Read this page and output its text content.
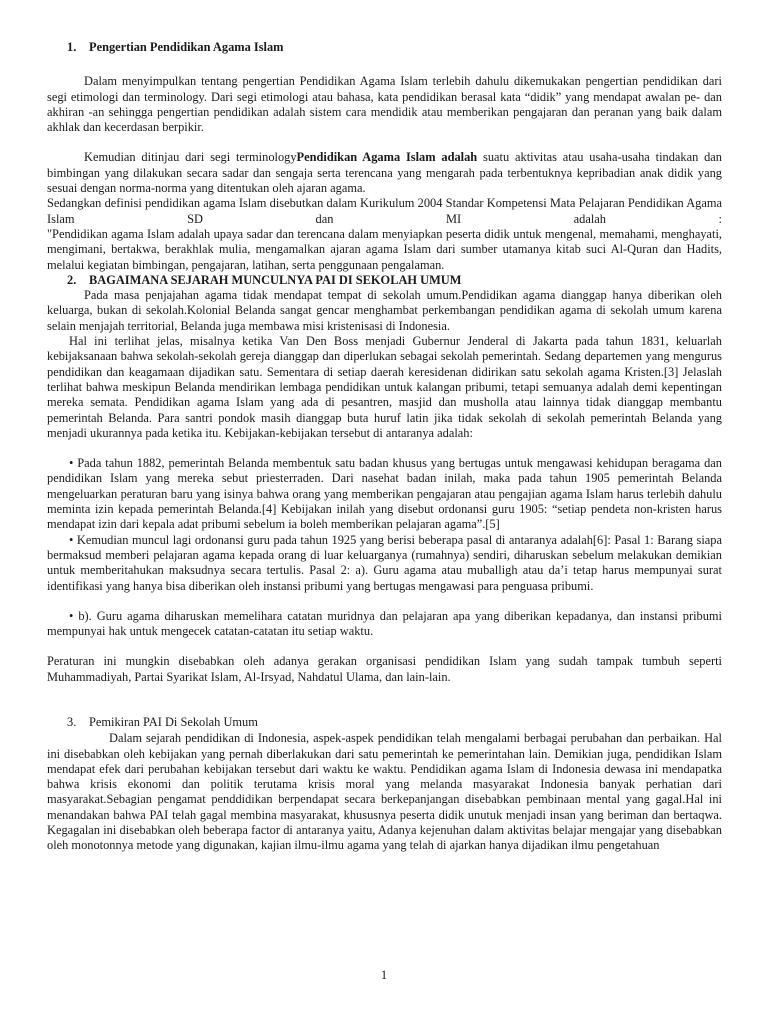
1. Pengertian Pendidikan Agama Islam

Dalam menyimpulkan tentang pengertian Pendidikan Agama Islam terlebih dahulu dikemukakan pengertian pendidikan dari segi etimologi dan terminology. Dari segi etimologi atau bahasa, kata pendidikan berasal kata “didik” yang mendapat awalan pe- dan akhiran -an sehingga pengertian pendidikan adalah sistem cara mendidik atau memberikan pengajaran dan peranan yang baik dalam akhlak dan kecerdasan berpikir.

Kemudian ditinjau dari segi terminologyPendidikan Agama Islam adalah suatu aktivitas atau usaha-usaha tindakan dan bimbingan yang dilakukan secara sadar dan sengaja serta terencana yang mengarah pada terbentuknya kepribadian anak didik yang sesuai dengan norma-norma yang ditentukan oleh ajaran agama.

Sedangkan definisi pendidikan agama Islam disebutkan dalam Kurikulum 2004 Standar Kompetensi Mata Pelajaran Pendidikan Agama Islam SD dan MI adalah :

"Pendidikan agama Islam adalah upaya sadar dan terencana dalam menyiapkan peserta didik untuk mengenal, memahami, menghayati, mengimani, bertakwa, berakhlak mulia, mengamalkan ajaran agama Islam dari sumber utamanya kitab suci Al-Quran dan Hadits, melalui kegiatan bimbingan, pengajaran, latihan, serta penggunaan pengalaman.

2. BAGAIMANA SEJARAH MUNCULNYA PAI DI SEKOLAH UMUM

Pada masa penjajahan agama tidak mendapat tempat di sekolah umum.Pendidikan agama dianggap hanya diberikan oleh keluarga, bukan di sekolah.Kolonial Belanda sangat gencar menghambat perkembangan pendidikan agama di sekolah umum karena selain menjajah territorial, Belanda juga membawa misi kristenisasi di Indonesia.

Hal ini terlihat jelas, misalnya ketika Van Den Boss menjadi Gubernur Jenderal di Jakarta pada tahun 1831, keluarlah kebijaksanaan bahwa sekolah-sekolah gereja dianggap dan diperlukan sebagai sekolah pemerintah. Sedang departemen yang mengurus pendidikan dan keagamaan dijadikan satu. Sementara di setiap daerah keresidenan didirikan satu sekolah agama Kristen.[3] Jelaslah terlihat bahwa meskipun Belanda mendirikan lembaga pendidikan untuk kalangan pribumi, tetapi semuanya adalah demi kepentingan mereka semata. Pendidikan agama Islam yang ada di pesantren, masjid dan musholla atau lainnya tidak dianggap membantu pemerintah Belanda. Para santri pondok masih dianggap buta huruf latin jika tidak sekolah di sekolah pemerintah Belanda yang menjadi ukurannya pada ketika itu. Kebijakan-kebijakan tersebut di antaranya adalah:

• Pada tahun 1882, pemerintah Belanda membentuk satu badan khusus yang bertugas untuk mengawasi kehidupan beragama dan pendidikan Islam yang mereka sebut priesterraden. Dari nasehat badan inilah, maka pada tahun 1905 pemerintah Belanda mengeluarkan peraturan baru yang isinya bahwa orang yang memberikan pengajaran atau pengajian agama Islam harus terlebih dahulu meminta izin kepada pemerintah Belanda.[4] Kebijakan inilah yang disebut ordonansi guru 1905: “setiap pendeta non-kristen harus mendapat izin dari kepala adat pribumi sebelum ia boleh memberikan pelajaran agama”.[5]

• Kemudian muncul lagi ordonansi guru pada tahun 1925 yang berisi beberapa pasal di antaranya adalah[6]: Pasal 1: Barang siapa bermaksud memberi pelajaran agama kepada orang di luar keluarganya (rumahnya) sendiri, diharuskan sebelum melakukan demikian untuk memberitahukan maksudnya secara tertulis. Pasal 2: a). Guru agama atau muballigh atau da’i tetap harus mempunyai surat identifikasi yang hanya bisa diberikan oleh instansi pribumi yang bertugas mengawasi para penguasa pribumi.

• b). Guru agama diharuskan memelihara catatan muridnya dan pelajaran apa yang diberikan kepadanya, dan instansi pribumi mempunyai hak untuk mengecek catatan-catatan itu setiap waktu.

Peraturan ini mungkin disebabkan oleh adanya gerakan organisasi pendidikan Islam yang sudah tampak tumbuh seperti Muhammadiyah, Partai Syarikat Islam, Al-Irsyad, Nahdatul Ulama, dan lain-lain.

3. Pemikiran PAI Di Sekolah Umum

Dalam sejarah pendidikan di Indonesia, aspek-aspek pendidikan telah mengalami berbagai perubahan dan perbaikan. Hal ini disebabkan oleh kebijakan yang pernah diberlakukan dari satu pemerintah ke pemerintahan lain. Demikian juga, pendidikan Islam mendapat efek dari perubahan kebijakan tersebut dari waktu ke waktu. Pendidikan agama Islam di Indonesia dewasa ini mendapatka bahwa krisis ekonomi dan politik terutama krisis moral yang melanda masyarakat Indonesia banyak perhatian dari masyarakat.Sebagian pengamat penddidikan berpendapat secara berkepanjangan disebabkan pembinaan mental yang gagal.Hal ini menandakan bahwa PAI telah gagal membina masyarakat, khususnya peserta didik unutuk menjadi insan yang beriman dan bertaqwa. Kegagalan ini disebabkan oleh beberapa factor di antaranya yaitu, Adanya kejenuhan dalam aktivitas belajar mengajar yang disebabkan oleh monotonnya metode yang digunakan, kajian ilmu-ilmu agama yang telah di ajarkan hanya dijadikan ilmu pengetahuan

1
